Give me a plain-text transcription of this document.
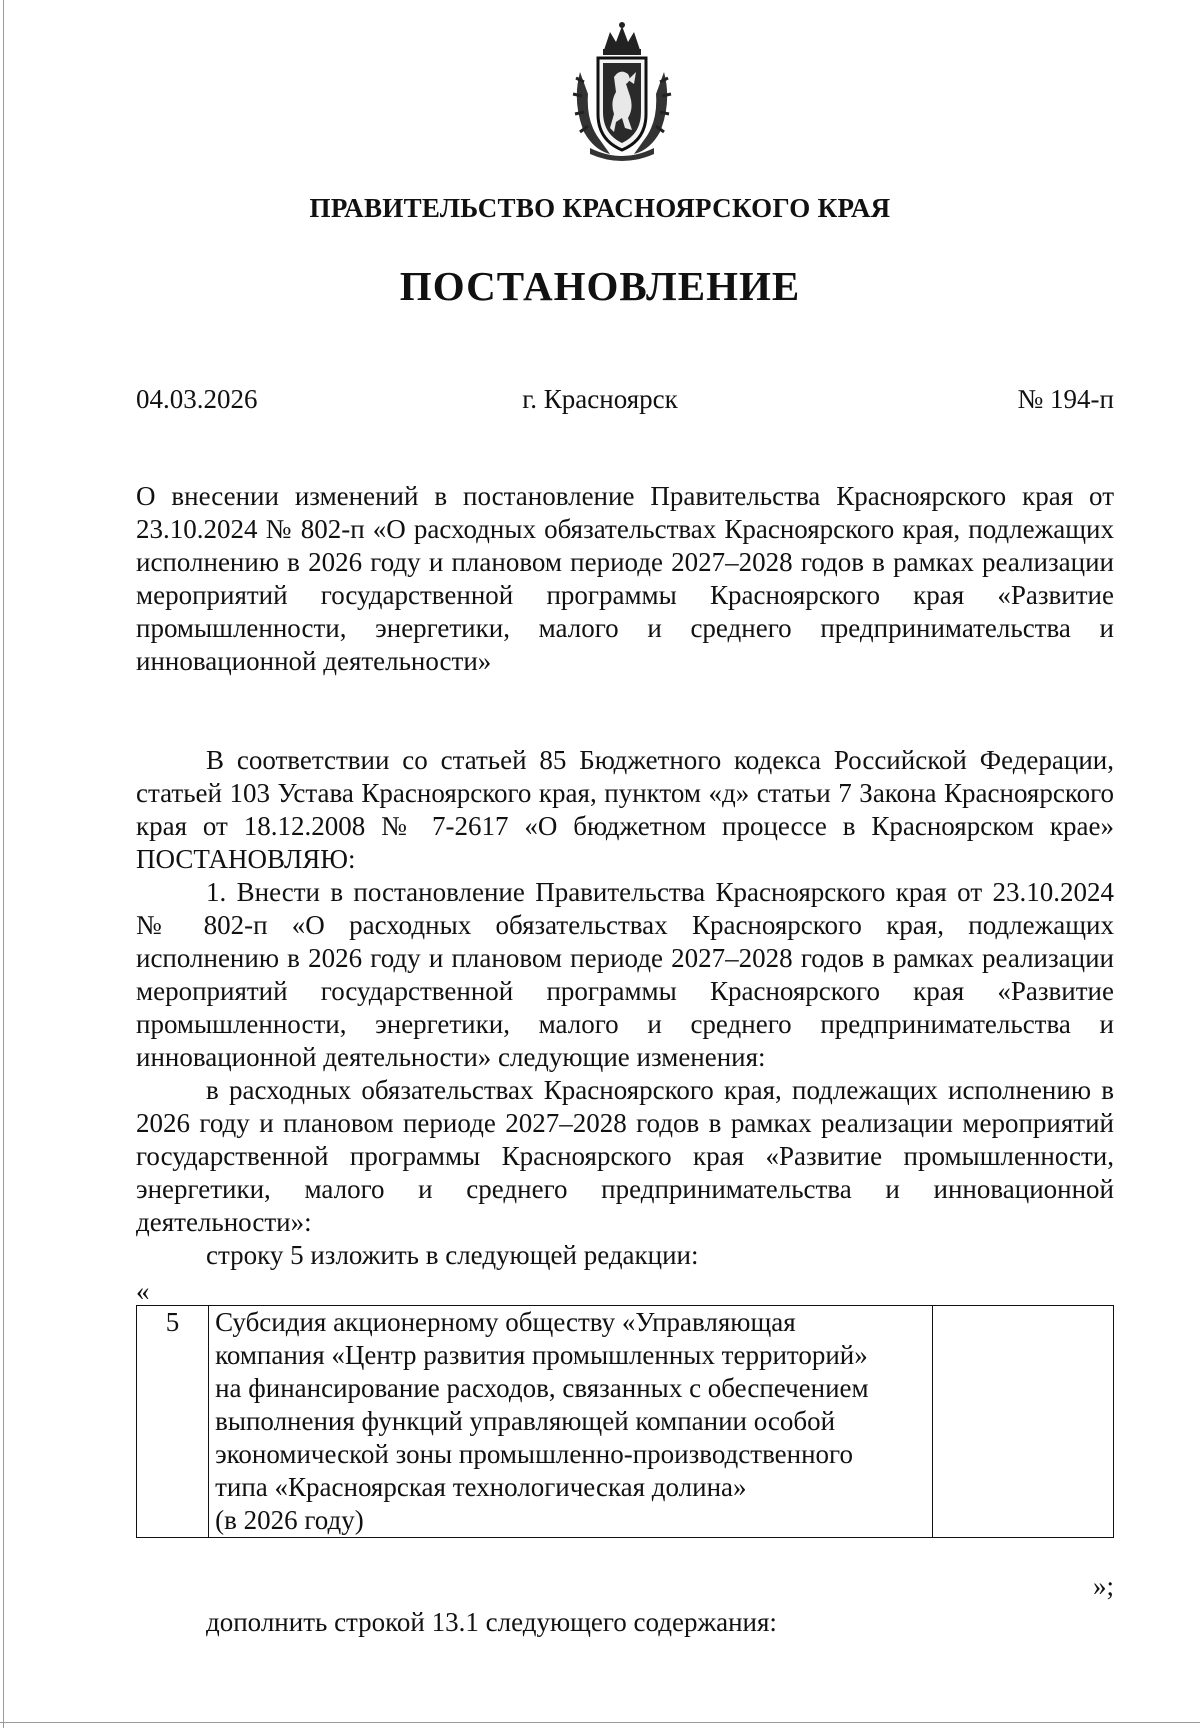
ПРАВИТЕЛЬСТВО КРАСНОЯРСКОГО КРАЯ
ПОСТАНОВЛЕНИЕ
04.03.2026	г. Красноярск	№ 194-п
О внесении изменений в постановление Правительства Красноярского края от 23.10.2024 № 802-п «О расходных обязательствах Красноярского края, подлежащих исполнению в 2026 году и плановом периоде 2027–2028 годов в рамках реализации мероприятий государственной программы Красноярского края «Развитие промышленности, энергетики, малого и среднего предпринимательства и инновационной деятельности»

В соответствии со статьей 85 Бюджетного кодекса Российской Федерации, статьей 103 Устава Красноярского края, пунктом «д» статьи 7 Закона Красноярского края от 18.12.2008 № 7-2617 «О бюджетном процессе в Красноярском крае» ПОСТАНОВЛЯЮ:

1. Внести в постановление Правительства Красноярского края от 23.10.2024 № 802-п «О расходных обязательствах Красноярского края, подлежащих исполнению в 2026 году и плановом периоде 2027–2028 годов в рамках реализации мероприятий государственной программы Красноярского края «Развитие промышленности, энергетики, малого и среднего предпринимательства и инновационной деятельности» следующие изменения:

в расходных обязательствах Красноярского края, подлежащих исполнению в 2026 году и плановом периоде 2027–2028 годов в рамках реализации мероприятий государственной программы Красноярского края «Развитие промышленности, энергетики, малого и среднего предпринимательства и инновационной деятельности»:

строку 5 изложить в следующей редакции:

«
5	Субсидия акционерному обществу «Управляющая
компания «Центр развития промышленных территорий»
на финансирование расходов, связанных с обеспечением
выполнения функций управляющей компании особой
экономической зоны промышленно-производственного
типа «Красноярская технологическая долина»
(в 2026 году)

»;
дополнить строкой 13.1 следующего содержания:
